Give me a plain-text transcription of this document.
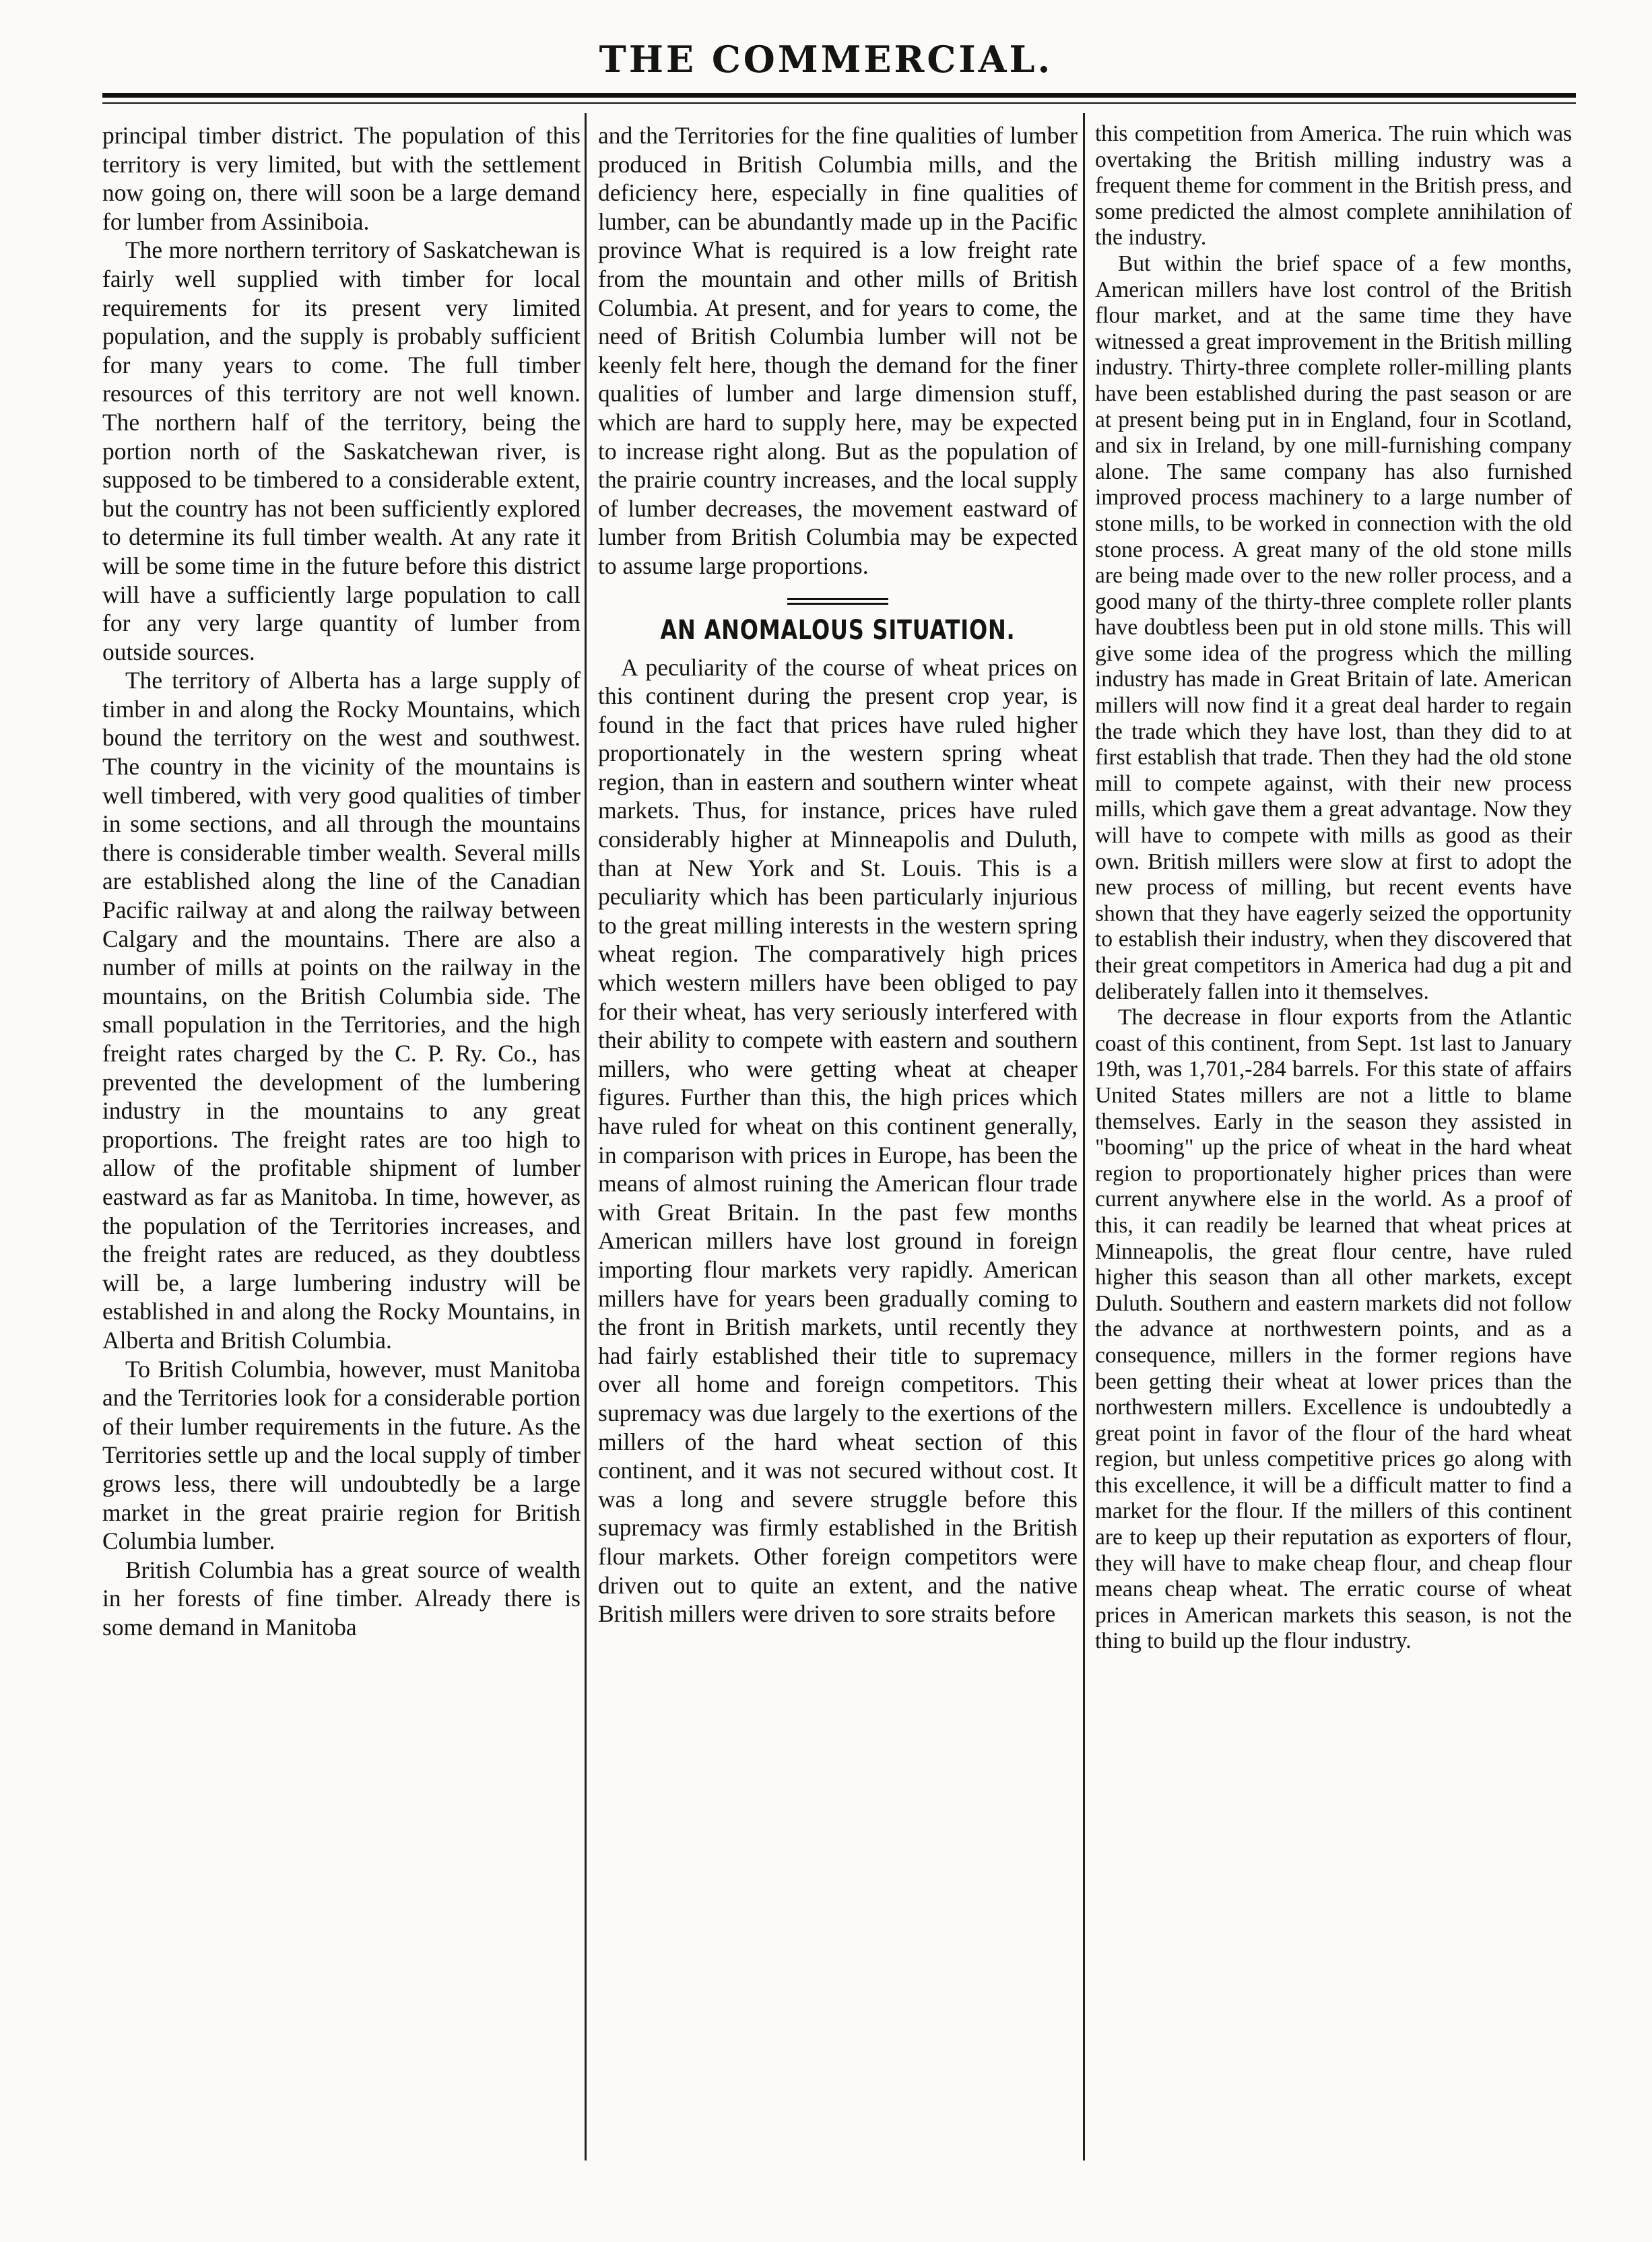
THE COMMERCIAL.

principal timber district. The population of this territory is very limited, but with the settlement now going on, there will soon be a large demand for lumber from Assiniboia.

The more northern territory of Saskatchewan is fairly well supplied with timber for local requirements for its present very limited population, and the supply is probably sufficient for many years to come. The full timber resources of this territory are not well known. The northern half of the territory, being the portion north of the Saskatchewan river, is supposed to be timbered to a considerable extent, but the country has not been sufficiently explored to determine its full timber wealth. At any rate it will be some time in the future before this district will have a sufficiently large population to call for any very large quantity of lumber from outside sources.

The territory of Alberta has a large supply of timber in and along the Rocky Mountains, which bound the territory on the west and southwest. The country in the vicinity of the mountains is well timbered, with very good qualities of timber in some sections, and all through the mountains there is considerable timber wealth. Several mills are established along the line of the Canadian Pacific railway at and along the railway between Calgary and the mountains. There are also a number of mills at points on the railway in the mountains, on the British Columbia side. The small population in the Territories, and the high freight rates charged by the C. P. Ry. Co., has prevented the development of the lumbering industry in the mountains to any great proportions. The freight rates are too high to allow of the profitable shipment of lumber eastward as far as Manitoba. In time, however, as the population of the Territories increases, and the freight rates are reduced, as they doubtless will be, a large lumbering industry will be established in and along the Rocky Mountains, in Alberta and British Columbia.

To British Columbia, however, must Manitoba and the Territories look for a considerable portion of their lumber requirements in the future. As the Territories settle up and the local supply of timber grows less, there will undoubtedly be a large market in the great prairie region for British Columbia lumber.

British Columbia has a great source of wealth in her forests of fine timber. Already there is some demand in Manitoba

and the Territories for the fine qualities of lumber produced in British Columbia mills, and the deficiency here, especially in fine qualities of lumber, can be abundantly made up in the Pacific province What is required is a low freight rate from the mountain and other mills of British Columbia. At present, and for years to come, the need of British Columbia lumber will not be keenly felt here, though the demand for the finer qualities of lumber and large dimension stuff, which are hard to supply here, may be expected to increase right along. But as the population of the prairie country increases, and the local supply of lumber decreases, the movement eastward of lumber from British Columbia may be expected to assume large proportions.

AN ANOMALOUS SITUATION.

A peculiarity of the course of wheat prices on this continent during the present crop year, is found in the fact that prices have ruled higher proportionately in the western spring wheat region, than in eastern and southern winter wheat markets. Thus, for instance, prices have ruled considerably higher at Minneapolis and Duluth, than at New York and St. Louis. This is a peculiarity which has been particularly injurious to the great milling interests in the western spring wheat region. The comparatively high prices which western millers have been obliged to pay for their wheat, has very seriously interfered with their ability to compete with eastern and southern millers, who were getting wheat at cheaper figures. Further than this, the high prices which have ruled for wheat on this continent generally, in comparison with prices in Europe, has been the means of almost ruining the American flour trade with Great Britain. In the past few months American millers have lost ground in foreign importing flour markets very rapidly. American millers have for years been gradually coming to the front in British markets, until recently they had fairly established their title to supremacy over all home and foreign competitors. This supremacy was due largely to the exertions of the millers of the hard wheat section of this continent, and it was not secured without cost. It was a long and severe struggle before this supremacy was firmly established in the British flour markets. Other foreign competitors were driven out to quite an extent, and the native British millers were driven to sore straits before

this competition from America. The ruin which was overtaking the British milling industry was a frequent theme for comment in the British press, and some predicted the almost complete annihilation of the industry.

But within the brief space of a few months, American millers have lost control of the British flour market, and at the same time they have witnessed a great improvement in the British milling industry. Thirty-three complete roller-milling plants have been established during the past season or are at present being put in in England, four in Scotland, and six in Ireland, by one mill-furnishing company alone. The same company has also furnished improved process machinery to a large number of stone mills, to be worked in connection with the old stone process. A great many of the old stone mills are being made over to the new roller process, and a good many of the thirty-three complete roller plants have doubtless been put in old stone mills. This will give some idea of the progress which the milling industry has made in Great Britain of late. American millers will now find it a great deal harder to regain the trade which they have lost, than they did to at first establish that trade. Then they had the old stone mill to compete against, with their new process mills, which gave them a great advantage. Now they will have to compete with mills as good as their own. British millers were slow at first to adopt the new process of milling, but recent events have shown that they have eagerly seized the opportunity to establish their industry, when they discovered that their great competitors in America had dug a pit and deliberately fallen into it themselves.

The decrease in flour exports from the Atlantic coast of this continent, from Sept. 1st last to January 19th, was 1,701,-284 barrels. For this state of affairs United States millers are not a little to blame themselves. Early in the season they assisted in "booming" up the price of wheat in the hard wheat region to proportionately higher prices than were current anywhere else in the world. As a proof of this, it can readily be learned that wheat prices at Minneapolis, the great flour centre, have ruled higher this season than all other markets, except Duluth. Southern and eastern markets did not follow the advance at northwestern points, and as a consequence, millers in the former regions have been getting their wheat at lower prices than the northwestern millers. Excellence is undoubtedly a great point in favor of the flour of the hard wheat region, but unless competitive prices go along with this excellence, it will be a difficult matter to find a market for the flour. If the millers of this continent are to keep up their reputation as exporters of flour, they will have to make cheap flour, and cheap flour means cheap wheat. The erratic course of wheat prices in American markets this season, is not the thing to build up the flour industry.
